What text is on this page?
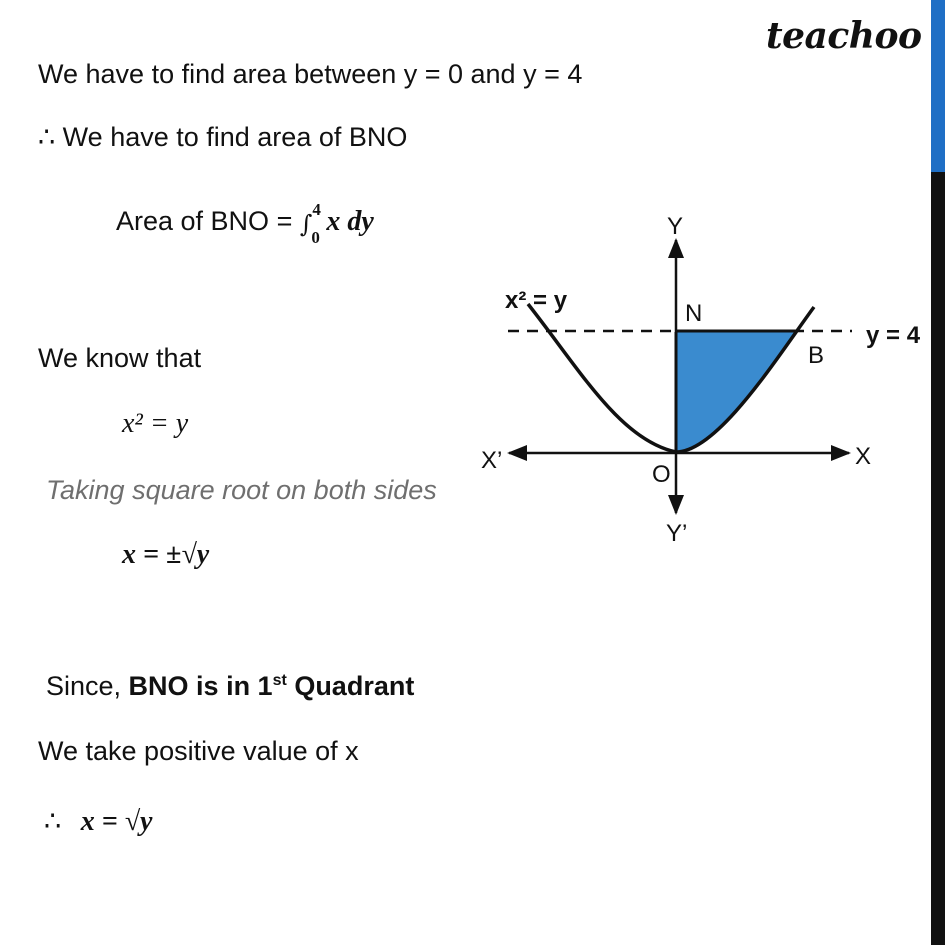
teachoo
We have to find area between y = 0 and y = 4
∴ We have to find area of BNO
Area of BNO = ∫
4
0
x dy
We know that
x² = y
Taking square root on both sides
x = ±√y
Since, BNO is in 1st Quadrant
We take positive value of x
∴ x = √y
Y
Y’
X
X’
O
N
B
x² = y
y = 4
